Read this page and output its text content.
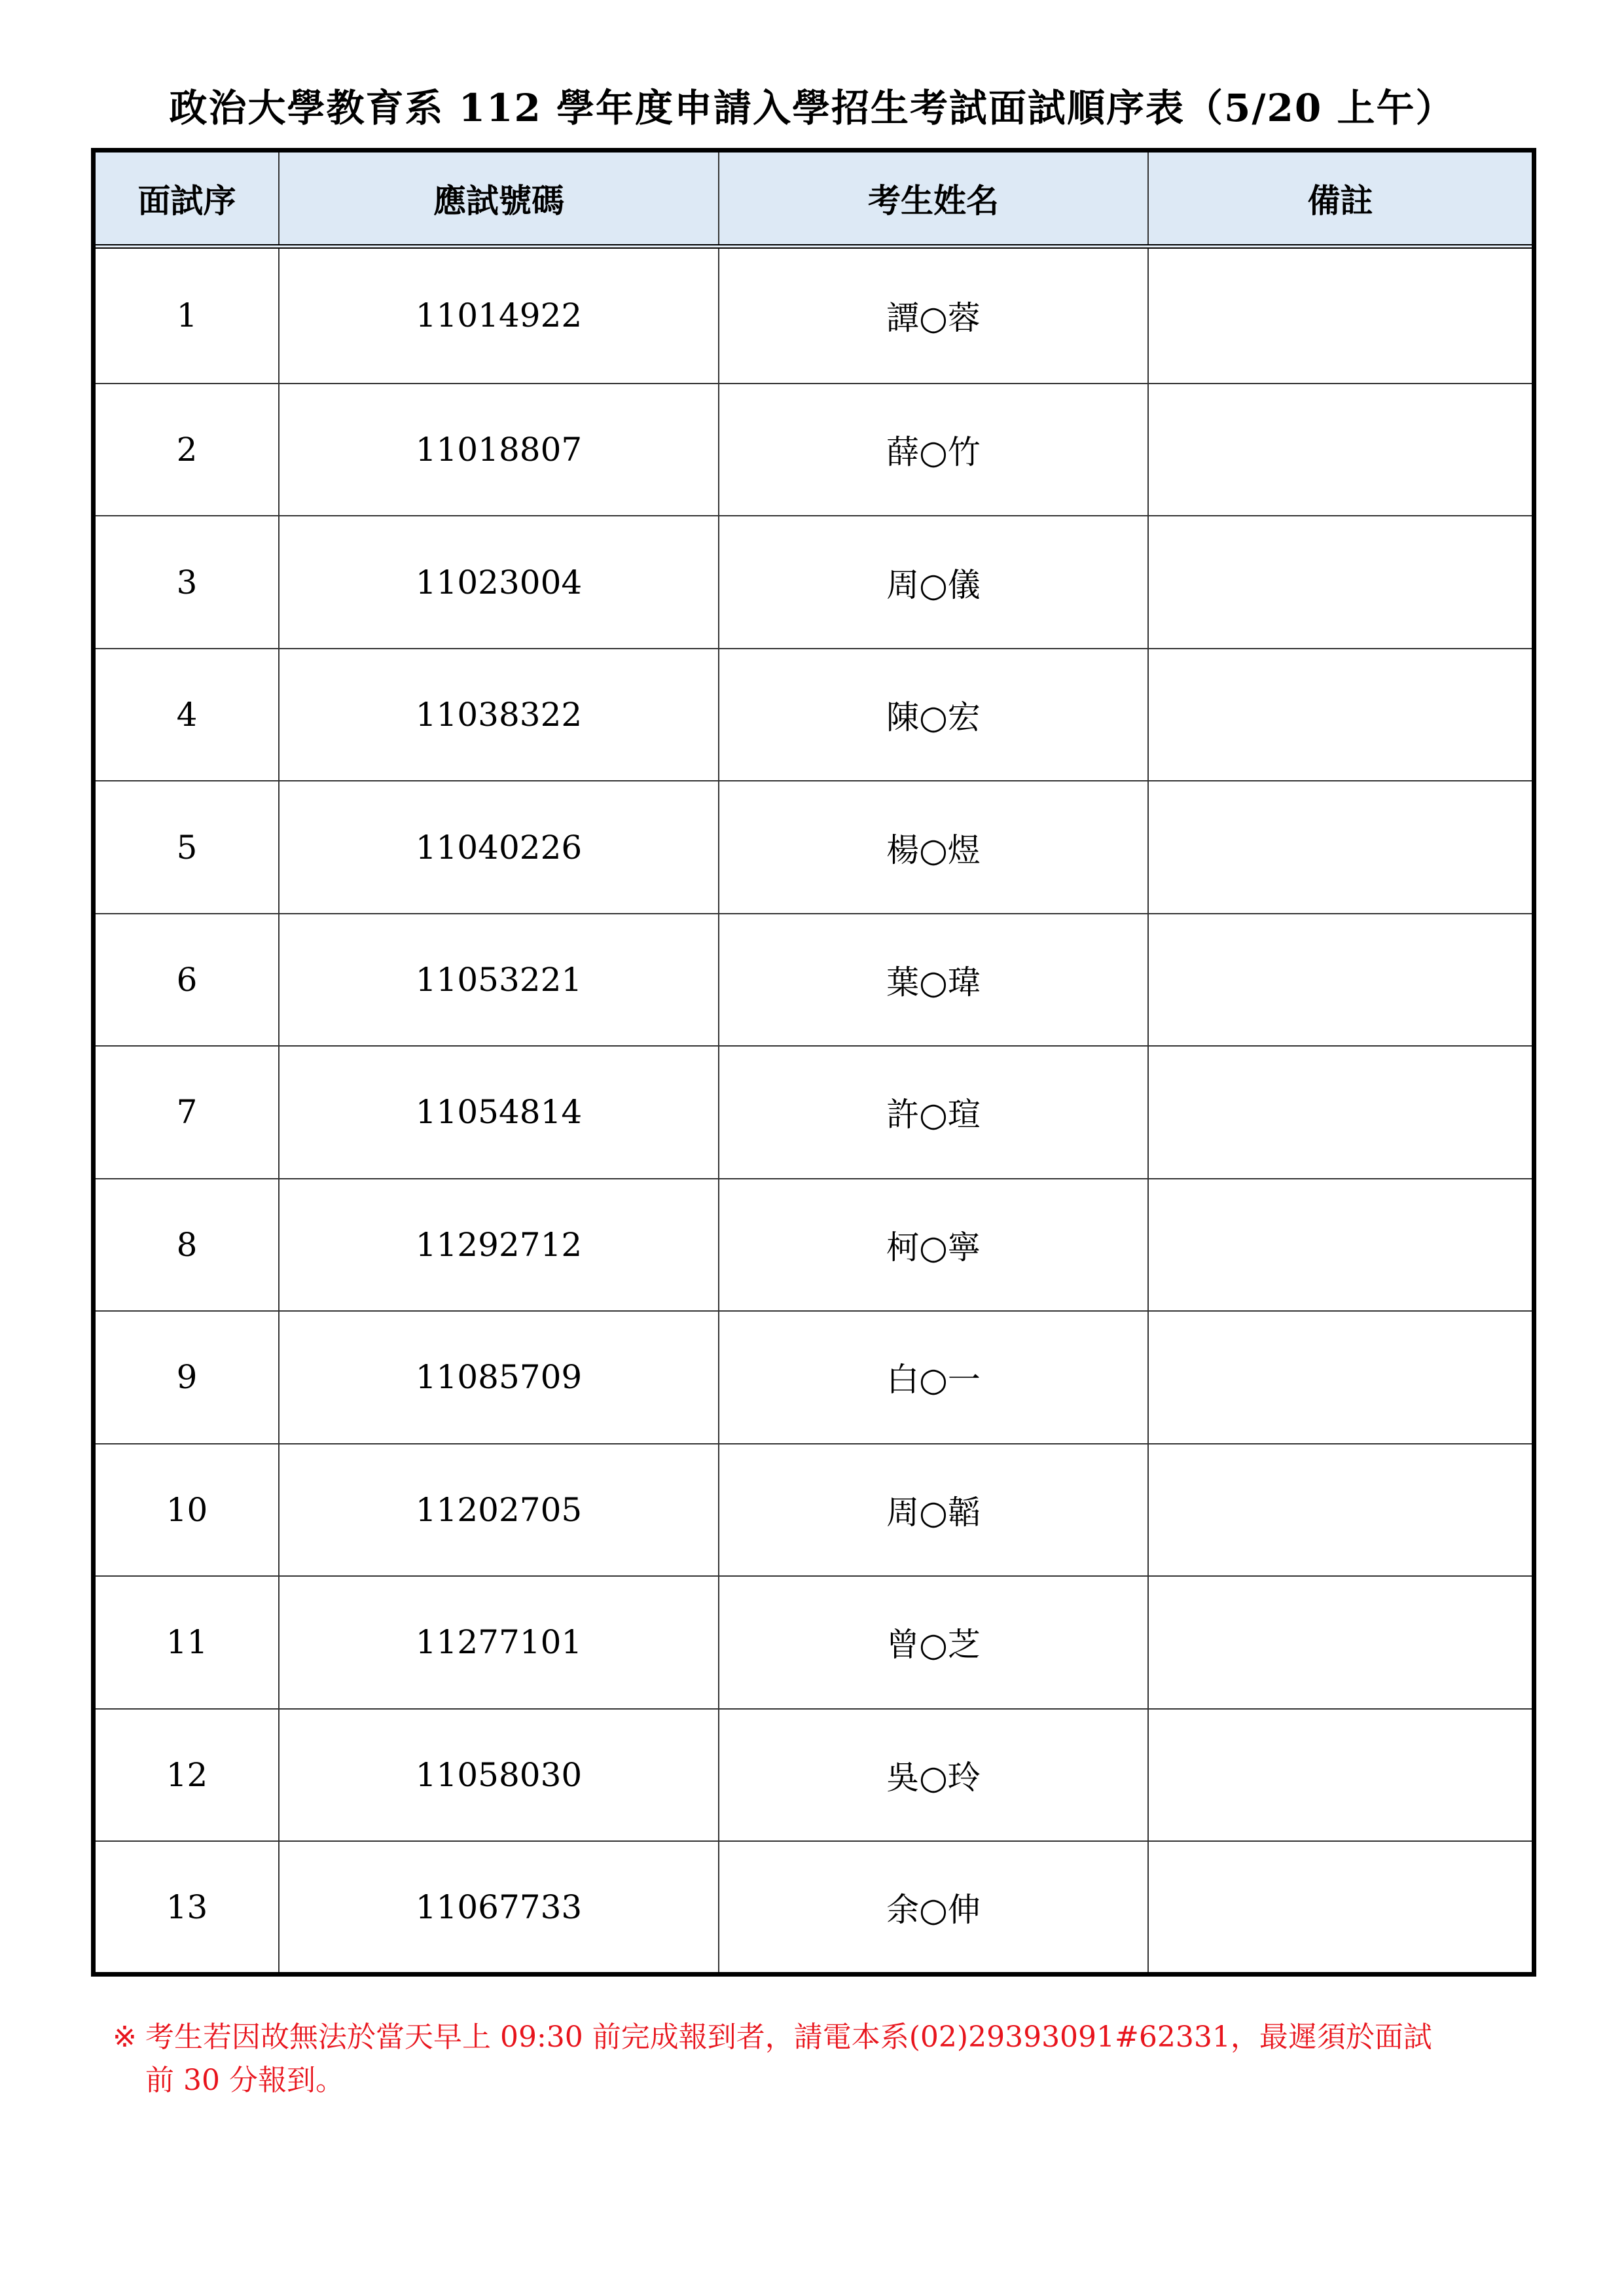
政治大學教育系 112 學年度申請入學招生考試面試順序表（5/20 上午）
面試序	應試號碼	考生姓名	備註
1	11014922	譚○蓉	
2	11018807	薛○竹	
3	11023004	周○儀	
4	11038322	陳○宏	
5	11040226	楊○煜	
6	11053221	葉○瑋	
7	11054814	許○瑄	
8	11292712	柯○寧	
9	11085709	白○一	
10	11202705	周○韜	
11	11277101	曾○芝	
12	11058030	吳○玲	
13	11067733	余○伸	
※ 考生若因故無法於當天早上 09:30 前完成報到者，請電本系(02)29393091#62331，最遲須於面試
前 30 分報到。
